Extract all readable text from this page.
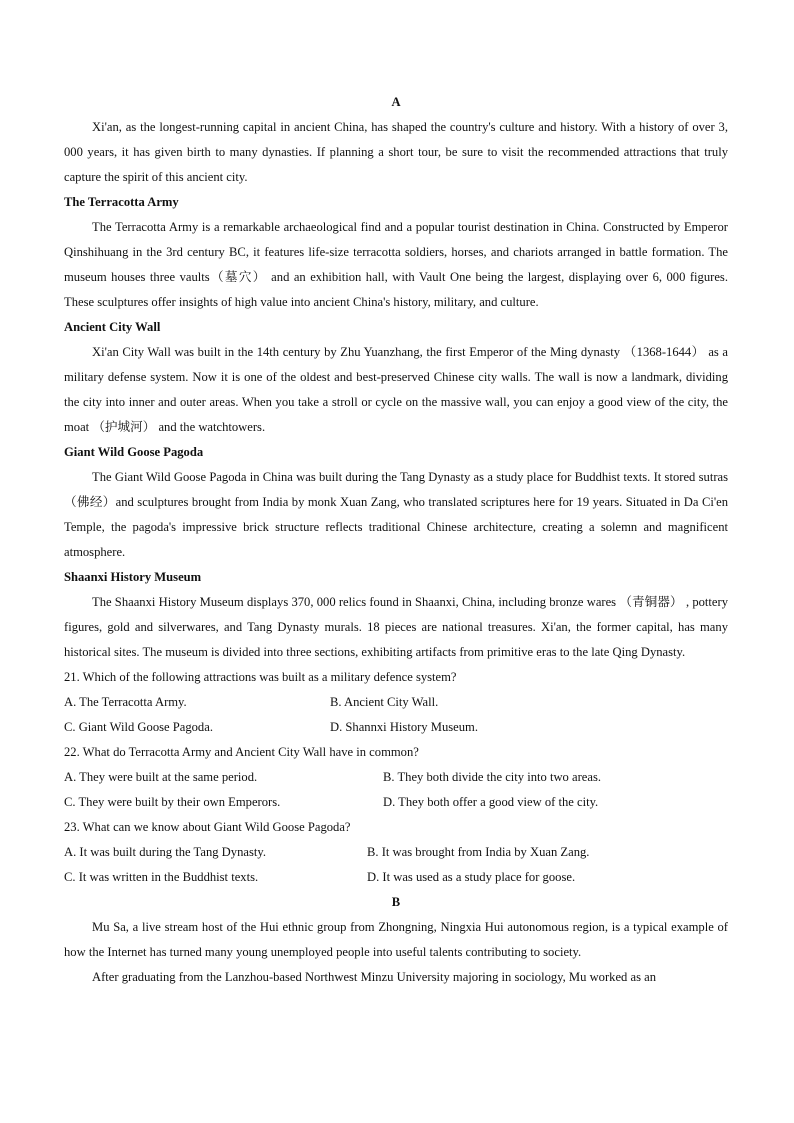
A

Xi'an, as the longest-running capital in ancient China, has shaped the country's culture and history. With a history of over 3, 000 years, it has given birth to many dynasties. If planning a short tour, be sure to visit the recommended attractions that truly capture the spirit of this ancient city.

The Terracotta Army

The Terracotta Army is a remarkable archaeological find and a popular tourist destination in China. Constructed by Emperor Qinshihuang in the 3rd century BC, it features life-size terracotta soldiers, horses, and chariots arranged in battle formation. The museum houses three vaults（墓穴） and an exhibition hall, with Vault One being the largest, displaying over 6, 000 figures. These sculptures offer insights of high value into ancient China's history, military, and culture.

Ancient City Wall

Xi'an City Wall was built in the 14th century by Zhu Yuanzhang, the first Emperor of the Ming dynasty （1368-1644） as a military defense system. Now it is one of the oldest and best-preserved Chinese city walls. The wall is now a landmark, dividing the city into inner and outer areas. When you take a stroll or cycle on the massive wall, you can enjoy a good view of the city, the moat （护城河） and the watchtowers.

Giant Wild Goose Pagoda

The Giant Wild Goose Pagoda in China was built during the Tang Dynasty as a study place for Buddhist texts. It stored sutras（佛经）and sculptures brought from India by monk Xuan Zang, who translated scriptures here for 19 years. Situated in Da Ci'en Temple, the pagoda's impressive brick structure reflects traditional Chinese architecture, creating a solemn and magnificent atmosphere.

Shaanxi History Museum

The Shaanxi History Museum displays 370, 000 relics found in Shaanxi, China, including bronze wares （青铜器） , pottery figures, gold and silverwares, and Tang Dynasty murals. 18 pieces are national treasures. Xi'an, the former capital, has many historical sites. The museum is divided into three sections, exhibiting artifacts from primitive eras to the late Qing Dynasty.

21. Which of the following attractions was built as a military defence system?

A. The Terracotta Army.	B. Ancient City Wall.
C. Giant Wild Goose Pagoda.	D. Shannxi History Museum.

22. What do Terracotta Army and Ancient City Wall have in common?

A. They were built at the same period.	B. They both divide the city into two areas.
C. They were built by their own Emperors.	D. They both offer a good view of the city.

23. What can we know about Giant Wild Goose Pagoda?

A. It was built during the Tang Dynasty.	B. It was brought from India by Xuan Zang.
C. It was written in the Buddhist texts.	D. It was used as a study place for goose.

B

Mu Sa, a live stream host of the Hui ethnic group from Zhongning, Ningxia Hui autonomous region, is a typical example of how the Internet has turned many young unemployed people into useful talents contributing to society.

After graduating from the Lanzhou-based Northwest Minzu University majoring in sociology, Mu worked as an
